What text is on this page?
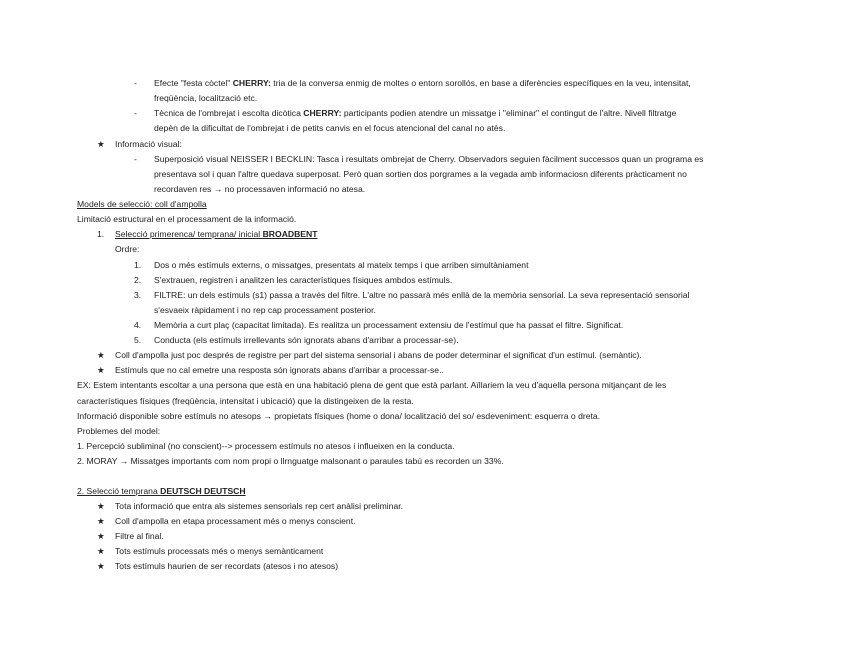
- Efecte "festa còctel" CHERRY: tria de la conversa enmig de moltes o entorn sorollós, en base a diferències específiques en la veu, intensitat,
freqüència, localització etc.
- Tècnica de l'ombrejat i escolta dicòtica CHERRY: participants podien atendre un missatge i "eliminar" el contingut de l'altre. Nivell filtratge
depèn de la dificultat de l'ombrejat i de petits canvis en el focus atencional del canal no atès.
★ Informació visual:
- Superposició visual NEISSER I BECKLIN: Tasca i resultats ombrejat de Cherry. Observadors seguien fàcilment successos quan un programa es
presentava sol i quan l'altre quedava superposat. Però quan sortien dos porgrames a la vegada amb informaciosn diferents pràcticament no
recordaven res → no processaven informació no atesa.
Models de selecció: coll d'ampolla
Limitació estructural en el processament de la informació.
1. Selecció primerenca/ temprana/ inicial BROADBENT
Ordre:
1. Dos o més estímuls externs, o missatges, presentats al mateix temps i que arriben simultàniament
2. S'extrauen, registren i analitzen les característiques físiques ambdos estímuls.
3. FILTRE: un dels estímuls (s1) passa a través del filtre. L'altre no passarà més enllà de la memòria sensorial. La seva representació sensorial
s'esvaeix ràpidament i no rep cap processament posterior.
4. Memòria a curt plaç (capacitat limitada). Es realitza un processament extensiu de l'estímul que ha passat el filtre. Significat.
5. Conducta (els estímuls irrellevants són ignorats abans d'arribar a processar-se).
★ Coll d'ampolla just poc després de registre per part del sistema sensorial i abans de poder determinar el significat d'un estímul. (semàntic).
★ Estímuls que no cal emetre una resposta són ignorats abans d'arribar a processar-se..
EX: Estem intentants escoltar a una persona que està en una habitació plena de gent que està parlant. Aïllariem la veu d'aquella persona mitjançant de les
característiques físiques (freqüència, intensitat i ubicació) que la distingeixen de la resta.
Informació disponible sobre estímuls no atesops → propietats físiques (home o dona/ localització del so/ esdeveniment: esquerra o dreta.
Problemes del model:
1. Percepció subliminal (no conscient)--> processem estímuls no atesos i influeixen en la conducta.
2. MORAY → Missatges importants com nom propi o llrnguatge malsonant o paraules tabú es recorden un 33%.
2. Selecció temprana DEUTSCH DEUTSCH
★ Tota informació que entra als sistemes sensorials rep cert anàlisi preliminar.
★ Coll d'ampolla en etapa processament més o menys conscient.
★ Filtre al final.
★ Tots estímuls processats més o menys semànticament
★ Tots estímuls haurien de ser recordats (atesos i no atesos)
